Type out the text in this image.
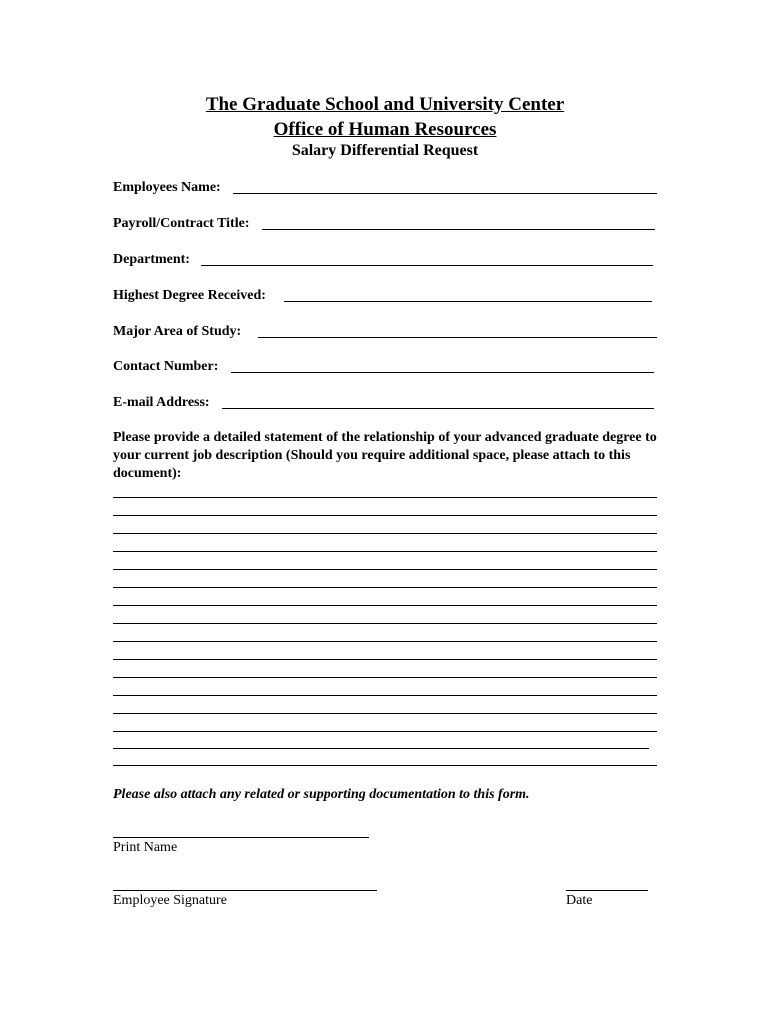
The Graduate School and University Center
Office of Human Resources
Salary Differential Request
Employees Name:
Payroll/Contract Title:
Department:
Highest Degree Received:
Major Area of Study:
Contact Number:
E-mail Address:
Please provide a detailed statement of the relationship of your advanced graduate degree to your current job description (Should you require additional space, please attach to this document):
Please also attach any related or supporting documentation to this form.
Print Name
Employee Signature	Date
